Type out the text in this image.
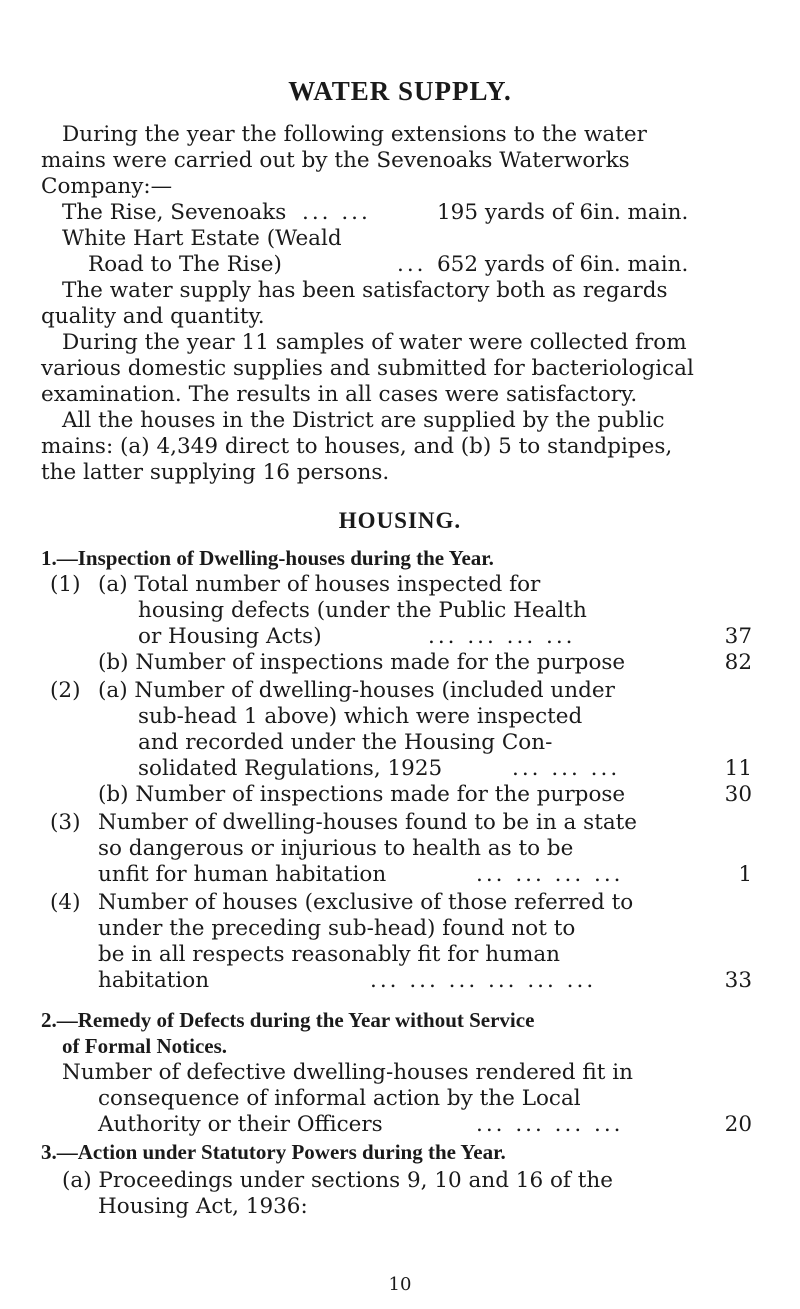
WATER SUPPLY.
During the year the following extensions to the water
mains were carried out by the Sevenoaks Waterworks
Company:—
The Rise, Sevenoaks ... ...	195 yards of 6in. main.
White Hart Estate (Weald
Road to The Rise)	... 652 yards of 6in. main.
The water supply has been satisfactory both as regards
quality and quantity.
During the year 11 samples of water were collected from
various domestic supplies and submitted for bacteriological
examination. The results in all cases were satisfactory.
All the houses in the District are supplied by the public
mains: (a) 4,349 direct to houses, and (b) 5 to standpipes,
the latter supplying 16 persons.
HOUSING.
1.—Inspection of Dwelling-houses during the Year.
(1) (a) Total number of houses inspected for
housing defects (under the Public Health
or Housing Acts)	... ... ... ...	37
(b) Number of inspections made for the purpose	82
(2) (a) Number of dwelling-houses (included under
sub-head 1 above) which were inspected
and recorded under the Housing Con-
solidated Regulations, 1925	... ... ...	11
(b) Number of inspections made for the purpose	30
(3) Number of dwelling-houses found to be in a state
so dangerous or injurious to health as to be
unfit for human habitation	... ... ... ...	1
(4) Number of houses (exclusive of those referred to
under the preceding sub-head) found not to
be in all respects reasonably fit for human
habitation	... ... ... ... ... ...	33
2.—Remedy of Defects during the Year without Service
of Formal Notices.
Number of defective dwelling-houses rendered fit in
consequence of informal action by the Local
Authority or their Officers	... ... ... ...	20
3.—Action under Statutory Powers during the Year.
(a) Proceedings under sections 9, 10 and 16 of the
Housing Act, 1936:
10
